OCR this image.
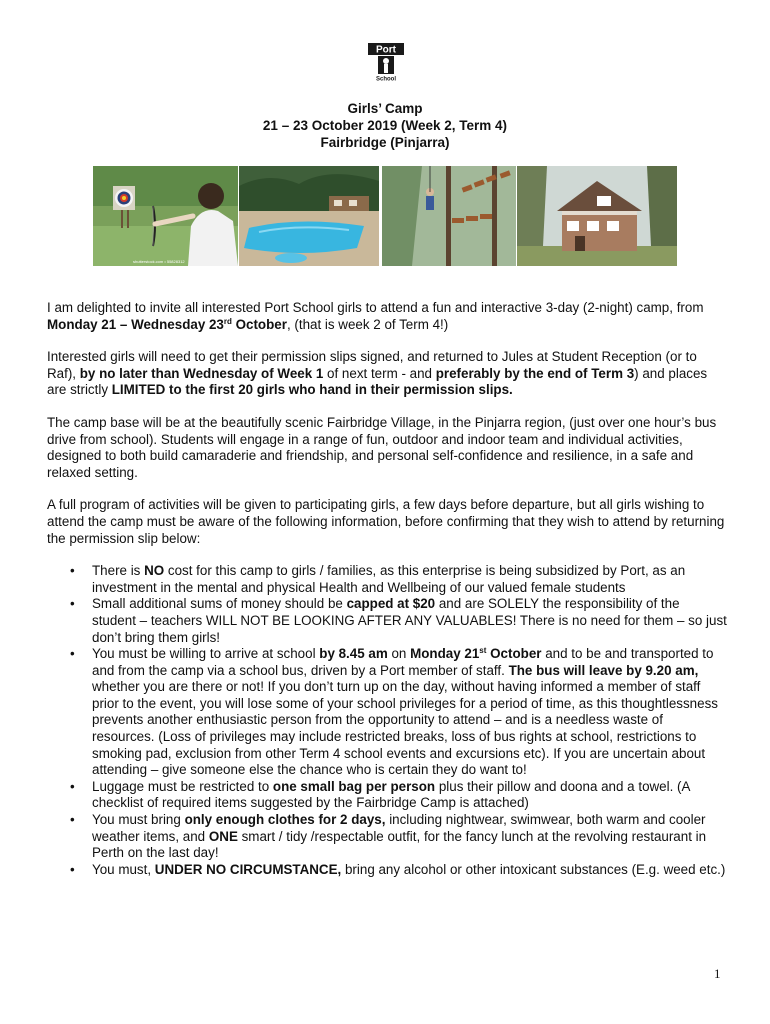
Port
School
Girls’ Camp
21 – 23 October 2019 (Week 2, Term 4)
Fairbridge (Pinjarra)
shutterstock.com • 55828312

I am delighted to invite all interested Port School girls to attend a fun and interactive 3-day (2-night) camp, from Monday 21 – Wednesday 23rd October, (that is week 2 of Term 4!)

Interested girls will need to get their permission slips signed, and returned to Jules at Student Reception (or to Raf), by no later than Wednesday of Week 1 of next term - and preferably by the end of Term 3) and places are strictly LIMITED to the first 20 girls who hand in their permission slips.

The camp base will be at the beautifully scenic Fairbridge Village, in the Pinjarra region, (just over one hour’s bus drive from school). Students will engage in a range of fun, outdoor and indoor team and individual activities, designed to both build camaraderie and friendship, and personal self-confidence and resilience, in a safe and relaxed setting.

A full program of activities will be given to participating girls, a few days before departure, but all girls wishing to attend the camp must be aware of the following information, before confirming that they wish to attend by returning the permission slip below:

• There is NO cost for this camp to girls / families, as this enterprise is being subsidized by Port, as an investment in the mental and physical Health and Wellbeing of our valued female students
• Small additional sums of money should be capped at $20 and are SOLELY the responsibility of the student – teachers WILL NOT BE LOOKING AFTER ANY VALUABLES! There is no need for them – so just don’t bring them girls!
• You must be willing to arrive at school by 8.45 am on Monday 21st October and to be and transported to and from the camp via a school bus, driven by a Port member of staff. The bus will leave by 9.20 am, whether you are there or not! If you don’t turn up on the day, without having informed a member of staff prior to the event, you will lose some of your school privileges for a period of time, as this thoughtlessness prevents another enthusiastic person from the opportunity to attend – and is a needless waste of resources. (Loss of privileges may include restricted breaks, loss of bus rights at school, restrictions to smoking pad, exclusion from other Term 4 school events and excursions etc). If you are uncertain about attending – give someone else the chance who is certain they do want to!
• Luggage must be restricted to one small bag per person plus their pillow and doona and a towel. (A checklist of required items suggested by the Fairbridge Camp is attached)
• You must bring only enough clothes for 2 days, including nightwear, swimwear, both warm and cooler weather items, and ONE smart / tidy /respectable outfit, for the fancy lunch at the revolving restaurant in Perth on the last day!
• You must, UNDER NO CIRCUMSTANCE, bring any alcohol or other intoxicant substances (E.g. weed etc.)
1
